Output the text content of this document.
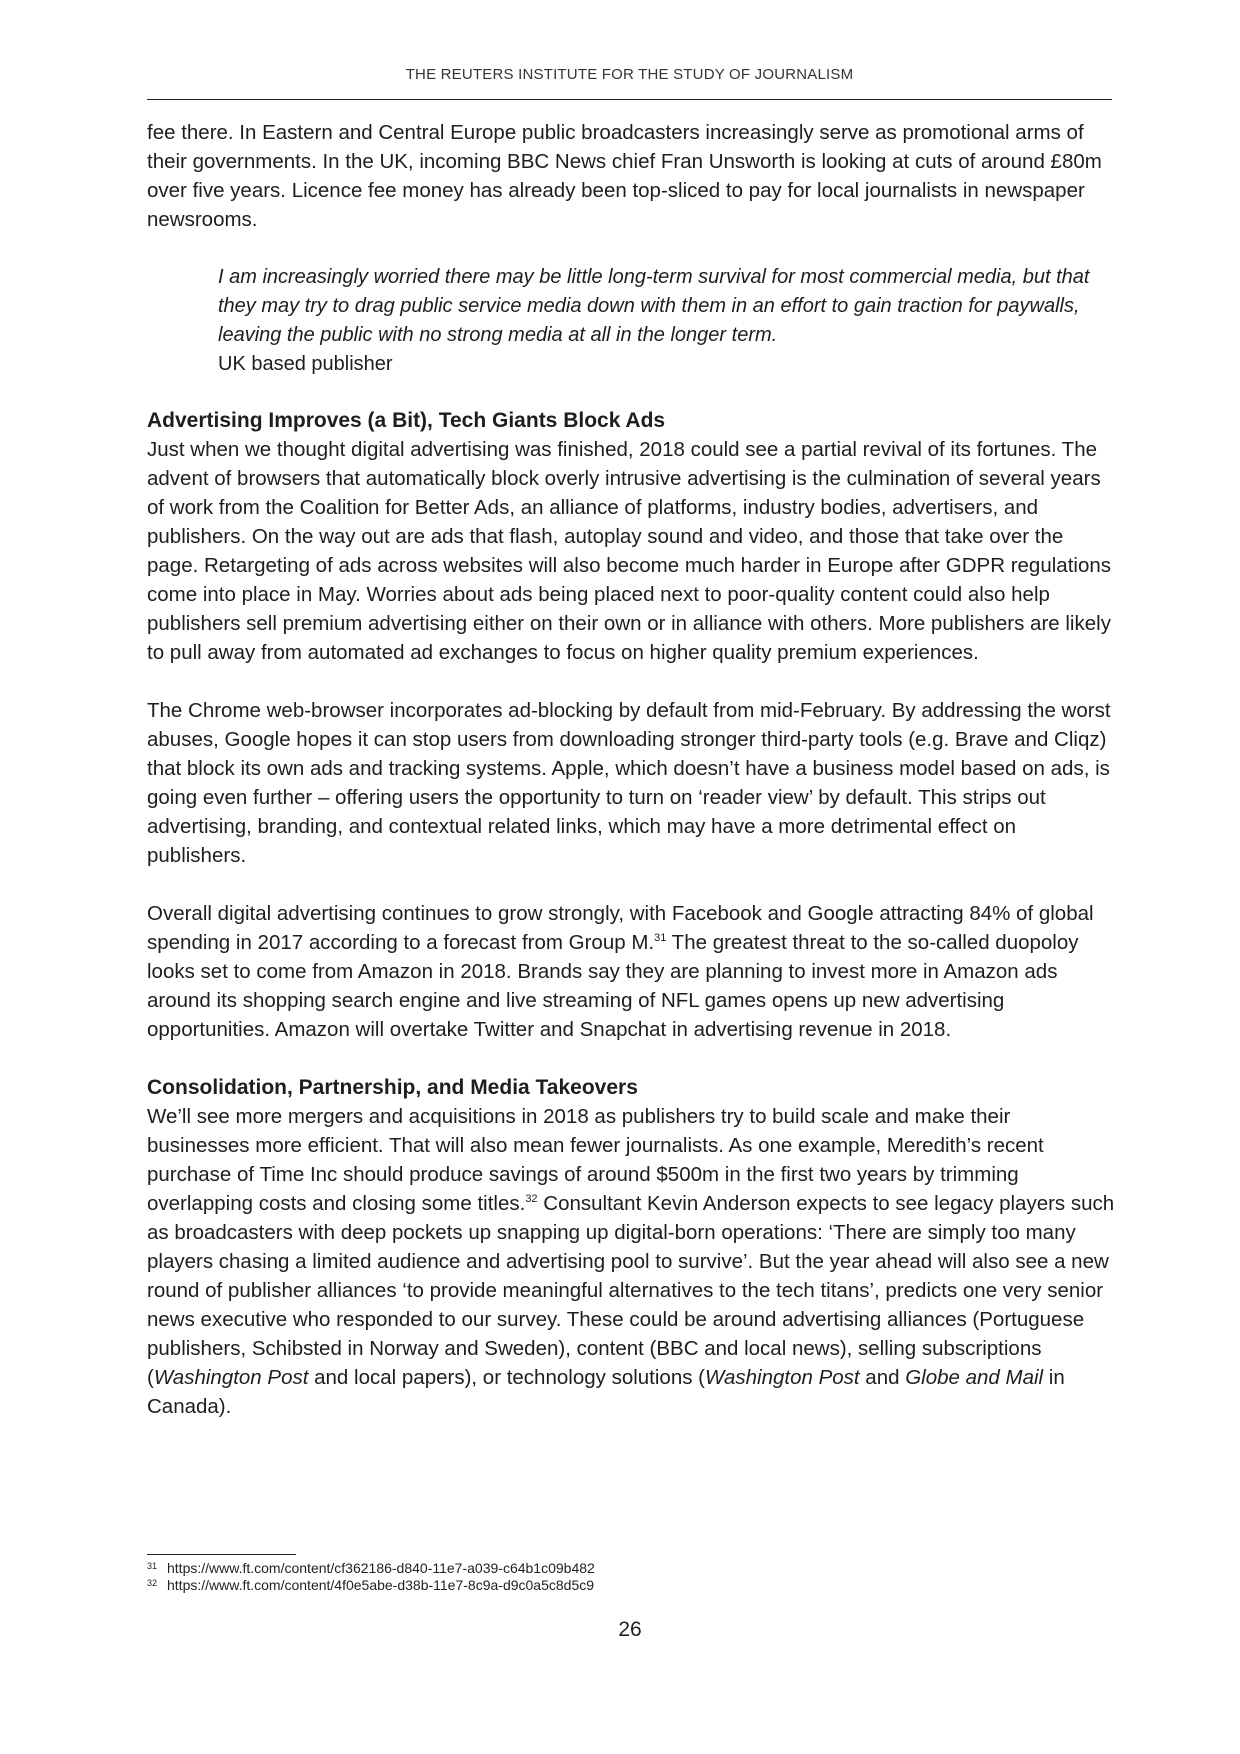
THE REUTERS INSTITUTE FOR THE STUDY OF JOURNALISM

fee there. In Eastern and Central Europe public broadcasters increasingly serve as promotional arms of their governments. In the UK, incoming BBC News chief Fran Unsworth is looking at cuts of around £80m over five years. Licence fee money has already been top-sliced to pay for local journalists in newspaper newsrooms.

I am increasingly worried there may be little long-term survival for most commercial media, but that they may try to drag public service media down with them in an effort to gain traction for paywalls, leaving the public with no strong media at all in the longer term.
UK based publisher
Advertising Improves (a Bit), Tech Giants Block Ads

Just when we thought digital advertising was finished, 2018 could see a partial revival of its fortunes. The advent of browsers that automatically block overly intrusive advertising is the culmination of several years of work from the Coalition for Better Ads, an alliance of platforms, industry bodies, advertisers, and publishers. On the way out are ads that flash, autoplay sound and video, and those that take over the page. Retargeting of ads across websites will also become much harder in Europe after GDPR regulations come into place in May. Worries about ads being placed next to poor-quality content could also help publishers sell premium advertising either on their own or in alliance with others. More publishers are likely to pull away from automated ad exchanges to focus on higher quality premium experiences.

The Chrome web-browser incorporates ad-blocking by default from mid-February. By addressing the worst abuses, Google hopes it can stop users from downloading stronger third-party tools (e.g. Brave and Cliqz) that block its own ads and tracking systems. Apple, which doesn’t have a business model based on ads, is going even further – offering users the opportunity to turn on ‘reader view’ by default. This strips out advertising, branding, and contextual related links, which may have a more detrimental effect on publishers.

Overall digital advertising continues to grow strongly, with Facebook and Google attracting 84% of global spending in 2017 according to a forecast from Group M.$^{31}$ The greatest threat to the so-called duopoloy looks set to come from Amazon in 2018. Brands say they are planning to invest more in Amazon ads around its shopping search engine and live streaming of NFL games opens up new advertising opportunities. Amazon will overtake Twitter and Snapchat in advertising revenue in 2018.

Consolidation, Partnership, and Media Takeovers

We’ll see more mergers and acquisitions in 2018 as publishers try to build scale and make their businesses more efficient. That will also mean fewer journalists. As one example, Meredith’s recent purchase of Time Inc should produce savings of around $500m in the first two years by trimming overlapping costs and closing some titles.$^{32}$ Consultant Kevin Anderson expects to see legacy players such as broadcasters with deep pockets up snapping up digital-born operations: ‘There are simply too many players chasing a limited audience and advertising pool to survive’. But the year ahead will also see a new round of publisher alliances ‘to provide meaningful alternatives to the tech titans’, predicts one very senior news executive who responded to our survey. These could be around advertising alliances (Portuguese publishers, Schibsted in Norway and Sweden), content (BBC and local news), selling subscriptions (Washington Post and local papers), or technology solutions (Washington Post and Globe and Mail in Canada).

31 https://www.ft.com/content/cf362186-d840-11e7-a039-c64b1c09b482
32 https://www.ft.com/content/4f0e5abe-d38b-11e7-8c9a-d9c0a5c8d5c9
26
